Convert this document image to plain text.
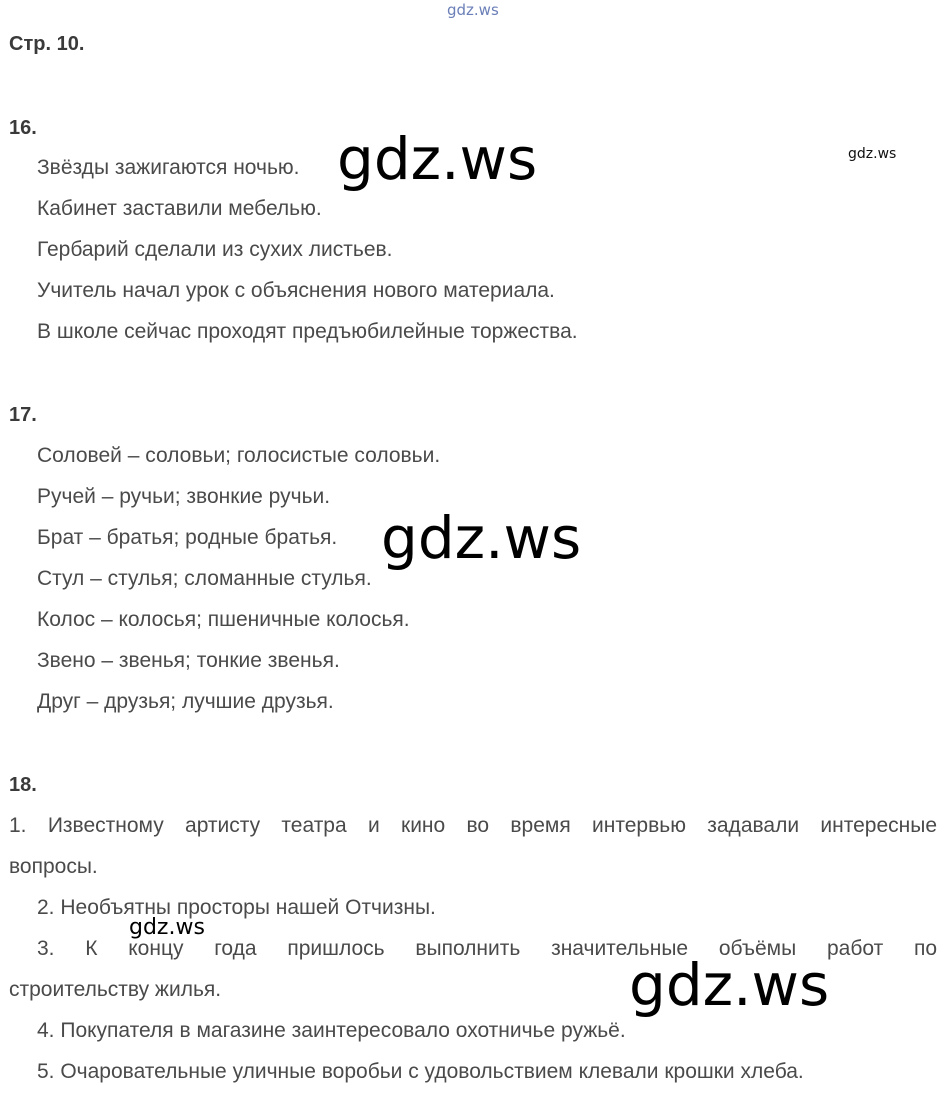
gdz.ws
Стр. 10.
16.
Звёзды зажигаются ночью.
Кабинет заставили мебелью.
Гербарий сделали из сухих листьев.
Учитель начал урок с объяснения нового материала.
В школе сейчас проходят предъюбилейные торжества.
17.
Соловей – соловьи; голосистые соловьи.
Ручей – ручьи; звонкие ручьи.
Брат – братья; родные братья.
Стул – стулья; сломанные стулья.
Колос – колосья; пшеничные колосья.
Звено – звенья; тонкие звенья.
Друг – друзья; лучшие друзья.
18.
1. Известному артисту театра и кино во время интервью задавали интересные
вопросы.
2. Необъятны просторы нашей Отчизны.
3. К концу года пришлось выполнить значительные объёмы работ по
строительству жилья.
4. Покупателя в магазине заинтересовало охотничье ружьё.
5. Очаровательные уличные воробьи с удовольствием клевали крошки хлеба.
gdz.ws
gdz.ws
gdz.ws
gdz.ws
gdz.ws
